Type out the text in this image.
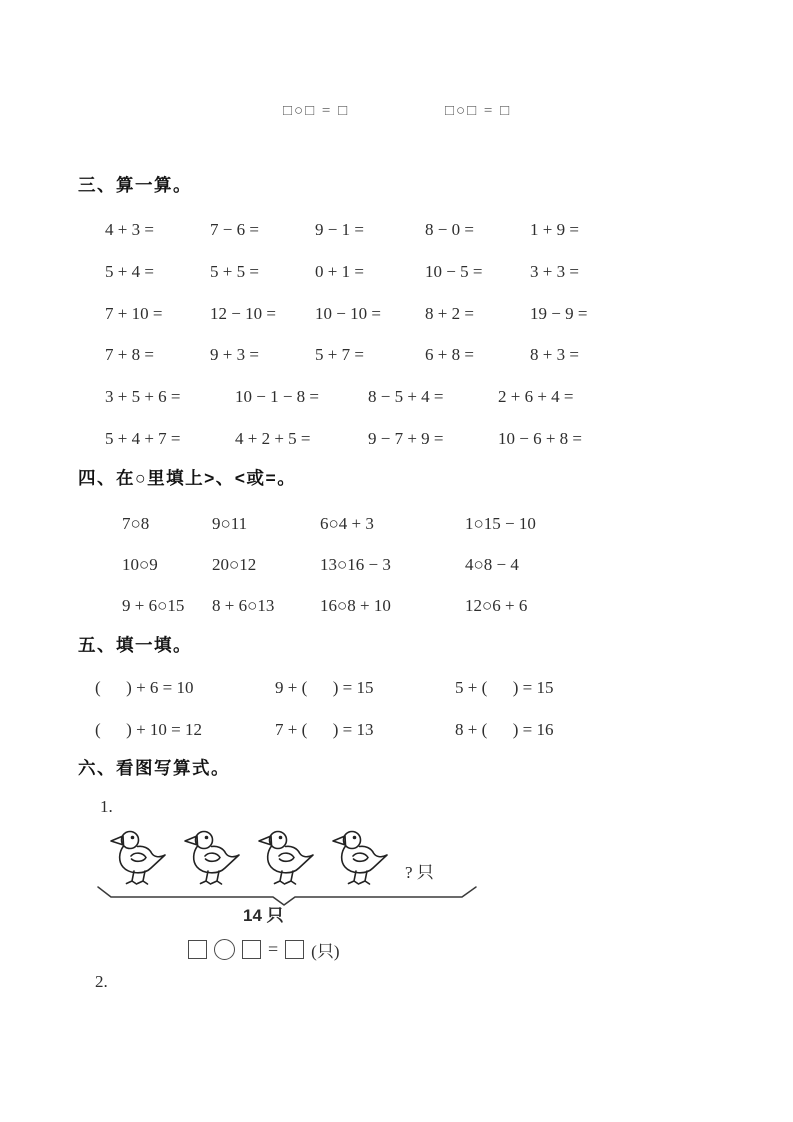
□○□ = □	□○□ = □
三、算一算。
4 + 3 =	7 − 6 =	9 − 1 =	8 − 0 =	1 + 9 =
5 + 4 =	5 + 5 =	0 + 1 =	10 − 5 =	3 + 3 =
7 + 10 =	12 − 10 =	10 − 10 =	8 + 2 =	19 − 9 =
7 + 8 =	9 + 3 =	5 + 7 =	6 + 8 =	8 + 3 =
3 + 5 + 6 =	10 − 1 − 8 =	8 − 5 + 4 =	2 + 6 + 4 =
5 + 4 + 7 =	4 + 2 + 5 =	9 − 7 + 9 =	10 − 6 + 8 =
四、在○里填上>、<或=。
7○8	9○11	6○4 + 3	1○15 − 10
10○9	20○12	13○16 − 3	4○8 − 4
9 + 6○15	8 + 6○13	16○8 + 10	12○6 + 6
五、填一填。
(      ) + 6 = 10	9 + (      ) = 15	5 + (      ) = 15
(      ) + 10 = 12	7 + (      ) = 13	8 + (      ) = 16
六、看图写算式。
1.
? 只
14 只
= (只)
2.
